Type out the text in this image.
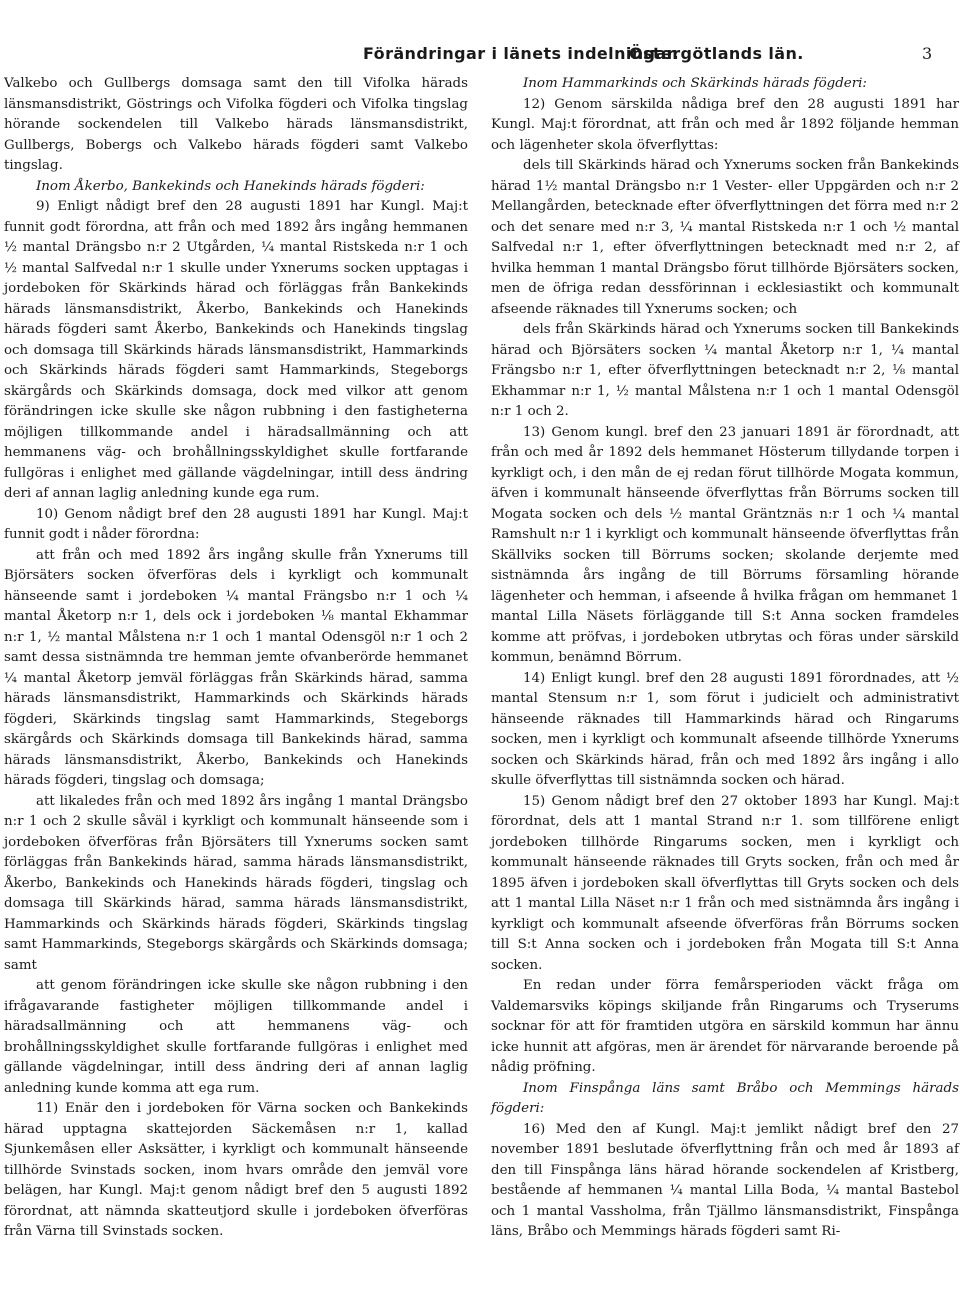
Förändringar i länets indelningar.
Östergötlands län.	3

Valkebo och Gullbergs domsaga samt den till Vifolka härads länsmansdistrikt, Göstrings och Vifolka fögderi och Vifolka tingslag hörande sockendelen till Valkebo härads länsmansdistrikt, Gullbergs, Bobergs och Valkebo härads fögderi samt Valkebo tingslag.

Inom Åkerbo, Bankekinds och Hanekinds härads fögderi:

9) Enligt nådigt bref den 28 augusti 1891 har Kungl. Maj:t funnit godt förordna, att från och med 1892 års ingång hemmanen ½ mantal Drängsbo n:r 2 Utgården, ¼ mantal Ristskeda n:r 1 och ½ mantal Salfvedal n:r 1 skulle under Yxnerums socken upptagas i jordeboken för Skärkinds härad och förläggas från Bankekinds härads länsmansdistrikt, Åkerbo, Bankekinds och Hanekinds härads fögderi samt Åkerbo, Bankekinds och Hanekinds tingslag och domsaga till Skärkinds härads länsmansdistrikt, Hammarkinds och Skärkinds härads fögderi samt Hammarkinds, Stegeborgs skärgårds och Skärkinds domsaga, dock med vilkor att genom förändringen icke skulle ske någon rubbning i den fastigheterna möjligen tillkommande andel i häradsallmänning och att hemmanens väg- och brohållningsskyldighet skulle fortfarande fullgöras i enlighet med gällande vägdelningar, intill dess ändring deri af annan laglig anledning kunde ega rum.

10) Genom nådigt bref den 28 augusti 1891 har Kungl. Maj:t funnit godt i nåder förordna:

att från och med 1892 års ingång skulle från Yxnerums till Björsäters socken öfverföras dels i kyrkligt och kommunalt hänseende samt i jordeboken ¼ mantal Frängsbo n:r 1 och ¼ mantal Åketorp n:r 1, dels ock i jordeboken ⅛ mantal Ekhammar n:r 1, ½ mantal Målstena n:r 1 och 1 mantal Odensgöl n:r 1 och 2 samt dessa sistnämnda tre hemman jemte ofvanberörde hemmanet ¼ mantal Åketorp jemväl förläggas från Skärkinds härad, samma härads länsmansdistrikt, Hammarkinds och Skärkinds härads fögderi, Skärkinds tingslag samt Hammarkinds, Stegeborgs skärgårds och Skärkinds domsaga till Bankekinds härad, samma härads länsmansdistrikt, Åkerbo, Bankekinds och Hanekinds härads fögderi, tingslag och domsaga;

att likaledes från och med 1892 års ingång 1 mantal Drängsbo n:r 1 och 2 skulle såväl i kyrkligt och kommunalt hänseende som i jordeboken öfverföras från Björsäters till Yxnerums socken samt förläggas från Bankekinds härad, samma härads länsmansdistrikt, Åkerbo, Bankekinds och Hanekinds härads fögderi, tingslag och domsaga till Skärkinds härad, samma härads länsmansdistrikt, Hammarkinds och Skärkinds härads fögderi, Skärkinds tingslag samt Hammarkinds, Stegeborgs skärgårds och Skärkinds domsaga; samt

att genom förändringen icke skulle ske någon rubbning i den ifrågavarande fastigheter möjligen tillkommande andel i häradsallmänning och att hemmanens väg- och brohållningsskyldighet skulle fortfarande fullgöras i enlighet med gällande vägdelningar, intill dess ändring deri af annan laglig anledning kunde komma att ega rum.

11) Enär den i jordeboken för Värna socken och Bankekinds härad upptagna skattejorden Säckemåsen n:r 1, kallad Sjunkemåsen eller Asksätter, i kyrkligt och kommunalt hänseende tillhörde Svinstads socken, inom hvars område den jemväl vore belägen, har Kungl. Maj:t genom nådigt bref den 5 augusti 1892 förordnat, att nämnda skatteutjord skulle i jordeboken öfverföras från Värna till Svinstads socken.

Inom Hammarkinds och Skärkinds härads fögderi:

12) Genom särskilda nådiga bref den 28 augusti 1891 har Kungl. Maj:t förordnat, att från och med år 1892 följande hemman och lägenheter skola öfverflyttas:

dels till Skärkinds härad och Yxnerums socken från Bankekinds härad 1½ mantal Drängsbo n:r 1 Vester- eller Uppgärden och n:r 2 Mellangården, betecknade efter öfverflyttningen det förra med n:r 2 och det senare med n:r 3, ¼ mantal Ristskeda n:r 1 och ½ mantal Salfvedal n:r 1, efter öfverflyttningen betecknadt med n:r 2, af hvilka hemman 1 mantal Drängsbo förut tillhörde Björsäters socken, men de öfriga redan dessförinnan i ecklesiastikt och kommunalt afseende räknades till Yxnerums socken; och

dels från Skärkinds härad och Yxnerums socken till Bankekinds härad och Björsäters socken ¼ mantal Åketorp n:r 1, ¼ mantal Frängsbo n:r 1, efter öfverflyttningen betecknadt n:r 2, ⅛ mantal Ekhammar n:r 1, ½ mantal Målstena n:r 1 och 1 mantal Odensgöl n:r 1 och 2.

13) Genom kungl. bref den 23 januari 1891 är förordnadt, att från och med år 1892 dels hemmanet Hösterum tillydande torpen i kyrkligt och, i den mån de ej redan förut tillhörde Mogata kommun, äfven i kommunalt hänseende öfverflyttas från Börrums socken till Mogata socken och dels ½ mantal Gräntznäs n:r 1 och ¼ mantal Ramshult n:r 1 i kyrkligt och kommunalt hänseende öfverflyttas från Skällviks socken till Börrums socken; skolande derjemte med sistnämnda års ingång de till Börrums församling hörande lägenheter och hemman, i afseende å hvilka frågan om hemmanet 1 mantal Lilla Näsets förläggande till S:t Anna socken framdeles komme att pröfvas, i jordeboken utbrytas och föras under särskild kommun, benämnd Börrum.

14) Enligt kungl. bref den 28 augusti 1891 förordnades, att ½ mantal Stensum n:r 1, som förut i judicielt och administrativt hänseende räknades till Hammarkinds härad och Ringarums socken, men i kyrkligt och kommunalt afseende tillhörde Yxnerums socken och Skärkinds härad, från och med 1892 års ingång i allo skulle öfverflyttas till sistnämnda socken och härad.

15) Genom nådigt bref den 27 oktober 1893 har Kungl. Maj:t förordnat, dels att 1 mantal Strand n:r 1. som tillförene enligt jordeboken tillhörde Ringarums socken, men i kyrkligt och kommunalt hänseende räknades till Gryts socken, från och med år 1895 äfven i jordeboken skall öfverflyttas till Gryts socken och dels att 1 mantal Lilla Näset n:r 1 från och med sistnämnda års ingång i kyrkligt och kommunalt afseende öfverföras från Börrums socken till S:t Anna socken och i jordeboken från Mogata till S:t Anna socken.

En redan under förra femårsperioden väckt fråga om Valdemarsviks köpings skiljande från Ringarums och Tryserums socknar för att för framtiden utgöra en särskild kommun har ännu icke hunnit att afgöras, men är ärendet för närvarande beroende på nådig pröfning.

Inom Finspånga läns samt Bråbo och Memmings härads fögderi:

16) Med den af Kungl. Maj:t jemlikt nådigt bref den 27 november 1891 beslutade öfverflyttning från och med år 1893 af den till Finspånga läns härad hörande sockendelen af Kristberg, bestående af hemmanen ¼ mantal Lilla Boda, ¼ mantal Bastebol och 1 mantal Vassholma, från Tjällmo länsmansdistrikt, Finspånga läns, Bråbo och Memmings härads fögderi samt Ri-
